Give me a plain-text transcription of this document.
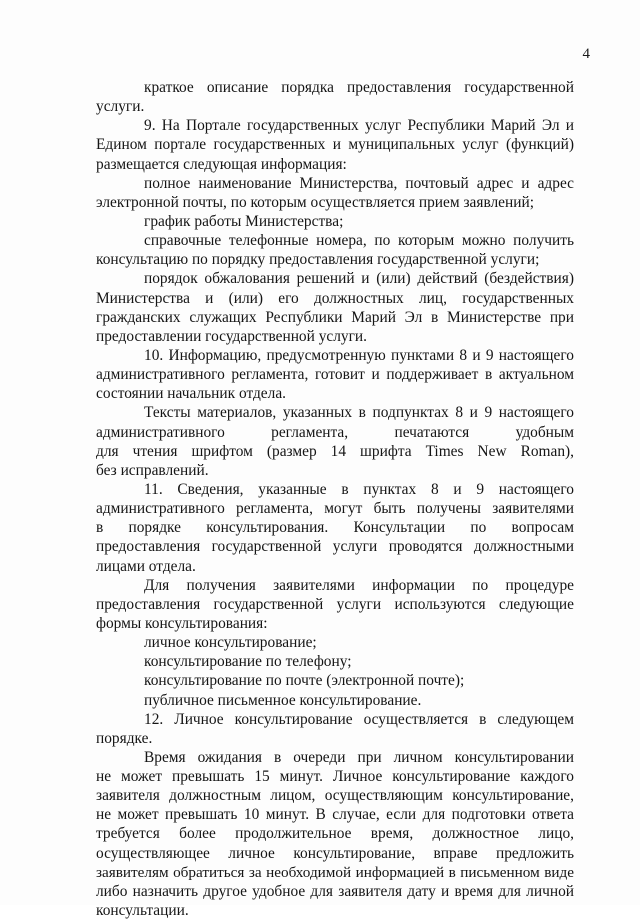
4
краткое описание порядка предоставления государственной
услуги.
9. На Портале государственных услуг Республики Марий Эл и
Едином портале государственных и муниципальных услуг (функций)
размещается следующая информация:
полное наименование Министерства, почтовый адрес и адрес
электронной почты, по которым осуществляется прием заявлений;
график работы Министерства;
справочные телефонные номера, по которым можно получить
консультацию по порядку предоставления государственной услуги;
порядок обжалования решений и (или) действий (бездействия)
Министерства и (или) его должностных лиц, государственных
гражданских служащих Республики Марий Эл в Министерстве при
предоставлении государственной услуги.
10. Информацию, предусмотренную пунктами 8 и 9 настоящего
административного регламента, готовит и поддерживает в актуальном
состоянии начальник отдела.
Тексты материалов, указанных в подпунктах 8 и 9 настоящего
административного регламента, печатаются удобным
для чтения шрифтом (размер 14 шрифта Times New Roman),
без исправлений.
11. Сведения, указанные в пунктах 8 и 9 настоящего
административного регламента, могут быть получены заявителями
в порядке консультирования. Консультации по вопросам
предоставления государственной услуги проводятся должностными
лицами отдела.
Для получения заявителями информации по процедуре
предоставления государственной услуги используются следующие
формы консультирования:
личное консультирование;
консультирование по телефону;
консультирование по почте (электронной почте);
публичное письменное консультирование.
12. Личное консультирование осуществляется в следующем
порядке.
Время ожидания в очереди при личном консультировании
не может превышать 15 минут. Личное консультирование каждого
заявителя должностным лицом, осуществляющим консультирование,
не может превышать 10 минут. В случае, если для подготовки ответа
требуется более продолжительное время, должностное лицо,
осуществляющее личное консультирование, вправе предложить
заявителям обратиться за необходимой информацией в письменном виде
либо назначить другое удобное для заявителя дату и время для личной
консультации.
